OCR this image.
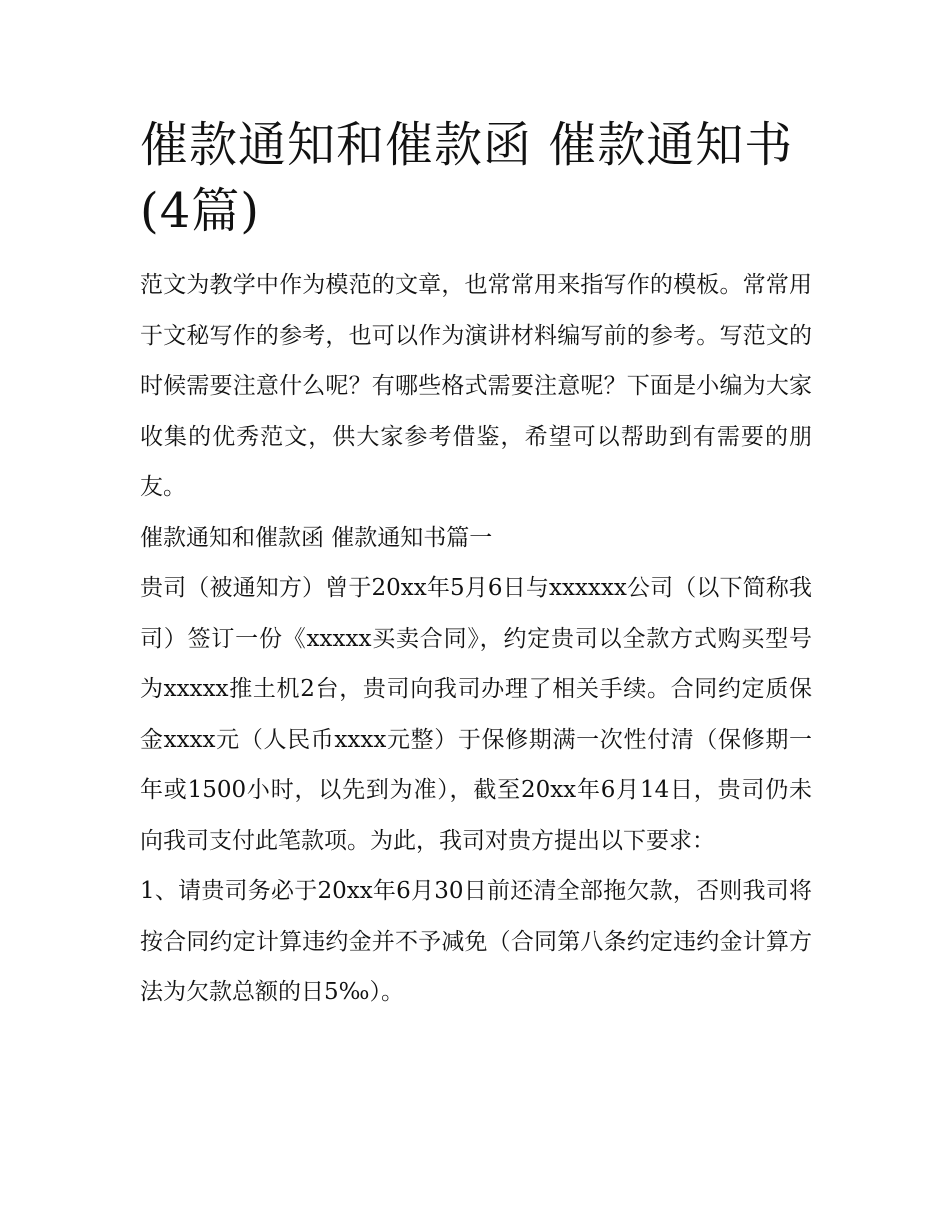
催款通知和催款函 催款通知书(4篇)

范文为教学中作为模范的文章，也常常用来指写作的模板。常常用于文秘写作的参考，也可以作为演讲材料编写前的参考。写范文的时候需要注意什么呢？有哪些格式需要注意呢？下面是小编为大家收集的优秀范文，供大家参考借鉴，希望可以帮助到有需要的朋友。

催款通知和催款函 催款通知书篇一

贵司（被通知方）曾于20xx年5月6日与xxxxxx公司（以下简称我司）签订一份《xxxxx买卖合同》，约定贵司以全款方式购买型号为xxxxx推土机2台，贵司向我司办理了相关手续。合同约定质保金xxxx元（人民币xxxx元整）于保修期满一次性付清（保修期一年或1500小时，以先到为准），截至20xx年6月14日，贵司仍未向我司支付此笔款项。为此，我司对贵方提出以下要求：

1、请贵司务必于20xx年6月30日前还清全部拖欠款，否则我司将按合同约定计算违约金并不予减免（合同第八条约定违约金计算方法为欠款总额的日5‰）。
